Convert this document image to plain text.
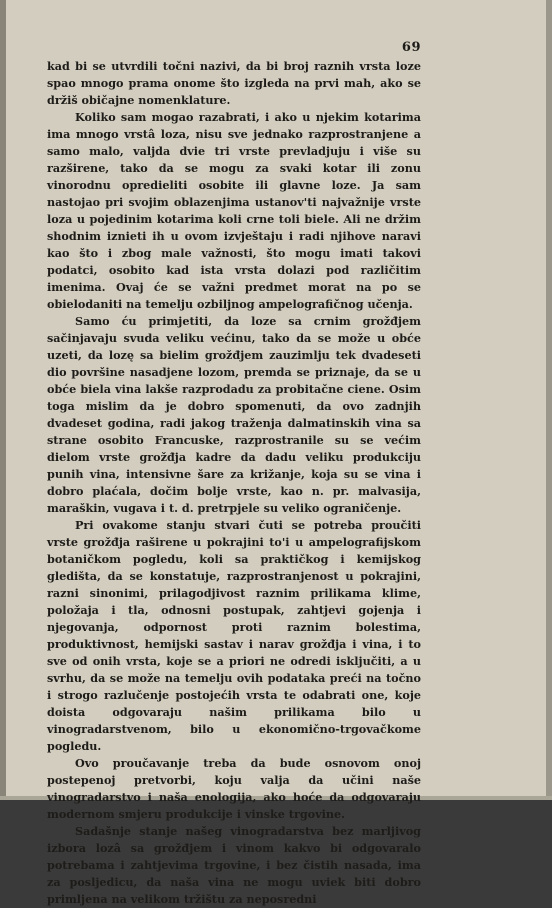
69

kad bi se utvrdili točni nazivi, da bi broj raznih vrsta loze spao mnogo prama onome što izgleda na prvi mah, ako se držiš običajne nomenklature.

Koliko sam mogao razabrati, i ako u njekim kotarima ima mnogo vrstâ loza, nisu sve jednako razprostranjene a samo malo, valjda dvie tri vrste prevladjuju i više su razširene, tako da se mogu za svaki kotar ili zonu vinorodnu opredieliti osobite ili glavne loze. Ja sam nastojao pri svojim oblazenjima ustanov'ti najvažnije vrste loza u pojedinim kotarima koli crne toli biele. Ali ne držim shodnim iznieti ih u ovom izvještaju i radi njihove naravi kao što i zbog male važnosti, što mogu imati takovi podatci, osobito kad ista vrsta dolazi pod različitim imenima. Ovaj će se važni predmet morat na po se obielodaniti na temelju ozbiljnog ampelografičnog učenja.

Samo ću primjetiti, da loze sa crnim grožđjem sačinjavaju svuda veliku većinu, tako da se može u obće uzeti, da lozę sa bielim grožđjem zauzimlju tek dvadeseti dio površine nasadjene lozom, premda se priznaje, da se u obće biela vina lakše razprodadu za probitačne ciene. Osim toga mislim da je dobro spomenuti, da ovo zadnjih dvadeset godina, radi jakog traženja dalmatinskih vina sa strane osobito Francuske, razprostranile su se većim dielom vrste grožđja kadre da dadu veliku produkciju punih vina, intensivne šare za križanje, koja su se vina i dobro plaćala, dočim bolje vrste, kao n. pr. malvasija, maraškin, vugava i t. d. pretrpjele su veliko ograničenje.

Pri ovakome stanju stvari čuti se potreba proučiti vrste grožđja raširene u pokrajini to'i u ampelografijskom botaničkom pogledu, koli sa praktičkog i kemijskog gledišta, da se konstatuje, razprostranjenost u pokrajini, razni sinonimi, prilagodjivost raznim prilikama klime, položaja i tla, odnosni postupak, zahtjevi gojenja i njegovanja, odpornost proti raznim bolestima, produktivnost, hemijski sastav i narav grožđja i vina, i to sve od onih vrsta, koje se a priori ne odredi isključiti, a u svrhu, da se može na temelju ovih podataka preći na točno i strogo razlučenje postojećih vrsta te odabrati one, koje doista odgovaraju našim prilikama bilo u vinogradarstvenom, bilo u ekonomično-trgovačkome pogledu.

Ovo proučavanje treba da bude osnovom onoj postepenoj pretvorbi, koju valja da učini naše vinogradarstvo i naša enologija, ako hoće da odgovaraju modernom smjeru produkcije i vinske trgovine.

Sadašnje stanje našeg vinogradarstva bez marljivog izbora lozâ sa grožđjem i vinom kakvo bi odgovaralo potrebama i zahtjevima trgovine, i bez čistih nasada, ima za posljedicu, da naša vina ne mogu uviek biti dobro primljena na velikom tržištu za neposredni
